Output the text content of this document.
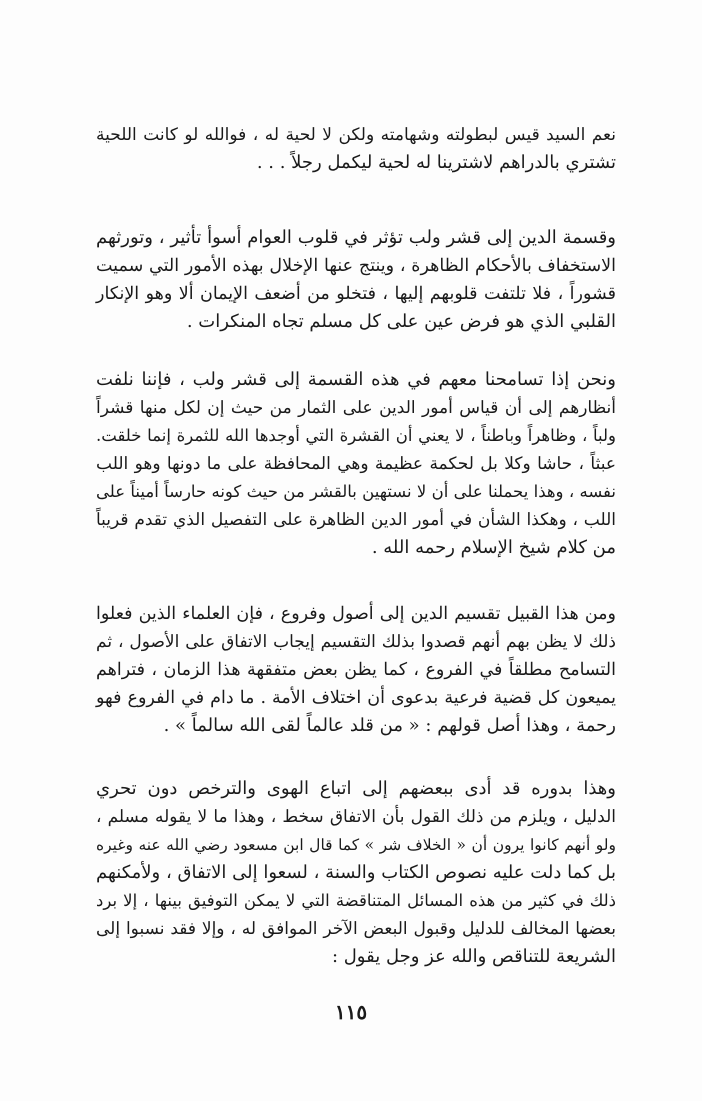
نعم السيد قيس لبطولته وشهامته ولكن لا لحية له ، فوالله لو كانت اللحية
تشتري بالدراهم لاشترينا له لحية ليكمل رجلاً . . .
وقسمة الدين إلى قشر ولب تؤثر في قلوب العوام أسوأ تأثير ، وتورثهم
الاستخفاف بالأحكام الظاهرة ، وينتج عنها الإخلال بهذه الأمور التي سميت
قشوراً ، فلا تلتفت قلوبهم إليها ، فتخلو من أضعف الإيمان ألا وهو الإنكار
القلبي الذي هو فرض عين على كل مسلم تجاه المنكرات .
ونحن إذا تسامحنا معهم في هذه القسمة إلى قشر ولب ، فإننا نلفت
أنظارهم إلى أن قياس أمور الدين على الثمار من حيث إن لكل منها قشراً
ولباً ، وظاهراً وباطناً ، لا يعني أن القشرة التي أوجدها الله للثمرة إنما خلقت.
عبثاً ، حاشا وكلا بل لحكمة عظيمة وهي المحافظة على ما دونها وهو اللب
نفسه ، وهذا يحملنا على أن لا نستهين بالقشر من حيث كونه حارساً أميناً على
اللب ، وهكذا الشأن في أمور الدين الظاهرة على التفصيل الذي تقدم قريباً
من كلام شيخ الإسلام رحمه الله .
ومن هذا القبيل تقسيم الدين إلى أصول وفروع ، فإن العلماء الذين فعلوا
ذلك لا يظن بهم أنهم قصدوا بذلك التقسيم إيجاب الاتفاق على الأصول ، ثم
التسامح مطلقاً في الفروع ، كما يظن بعض متفقهة هذا الزمان ، فتراهم
يميعون كل قضية فرعية بدعوى أن اختلاف الأمة . ما دام في الفروع فهو
رحمة ، وهذا أصل قولهم : « من قلد عالماً لقى الله سالماً » .
وهذا بدوره قد أدى ببعضهم إلى اتباع الهوى والترخص دون تحري
الدليل ، ويلزم من ذلك القول بأن الاتفاق سخط ، وهذا ما لا يقوله مسلم ،
ولو أنهم كانوا يرون أن « الخلاف شر » كما قال ابن مسعود رضي الله عنه وغيره
بل كما دلت عليه نصوص الكتاب والسنة ، لسعوا إلى الاتفاق ، ولأمكنهم
ذلك في كثير من هذه المسائل المتناقضة التي لا يمكن التوفيق بينها ، إلا برد
بعضها المخالف للدليل وقبول البعض الآخر الموافق له ، وإلا فقد نسبوا إلى
الشريعة للتناقص والله عز وجل يقول :
١١٥
